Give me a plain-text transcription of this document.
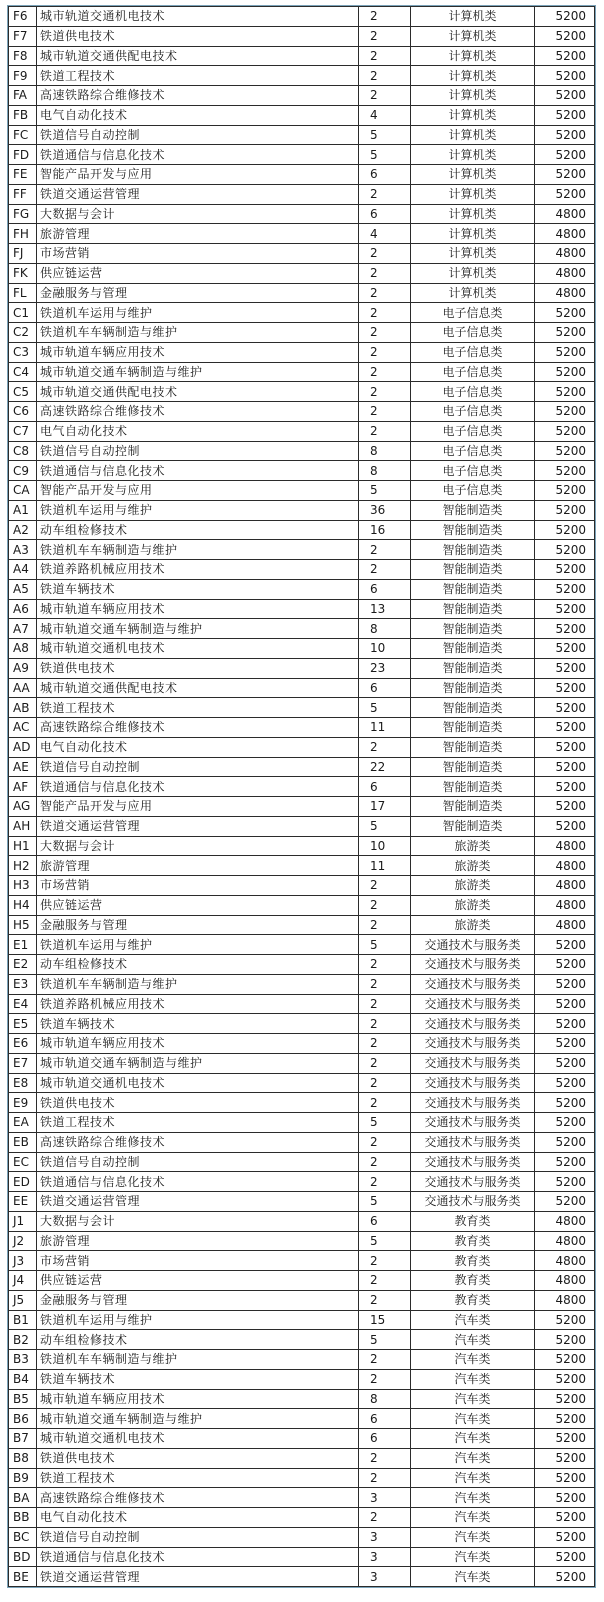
F6	城市轨道交通机电技术	2	计算机类	5200
F7	铁道供电技术	2	计算机类	5200
F8	城市轨道交通供配电技术	2	计算机类	5200
F9	铁道工程技术	2	计算机类	5200
FA	高速铁路综合维修技术	2	计算机类	5200
FB	电气自动化技术	4	计算机类	5200
FC	铁道信号自动控制	5	计算机类	5200
FD	铁道通信与信息化技术	5	计算机类	5200
FE	智能产品开发与应用	6	计算机类	5200
FF	铁道交通运营管理	2	计算机类	5200
FG	大数据与会计	6	计算机类	4800
FH	旅游管理	4	计算机类	4800
FJ	市场营销	2	计算机类	4800
FK	供应链运营	2	计算机类	4800
FL	金融服务与管理	2	计算机类	4800
C1	铁道机车运用与维护	2	电子信息类	5200
C2	铁道机车车辆制造与维护	2	电子信息类	5200
C3	城市轨道车辆应用技术	2	电子信息类	5200
C4	城市轨道交通车辆制造与维护	2	电子信息类	5200
C5	城市轨道交通供配电技术	2	电子信息类	5200
C6	高速铁路综合维修技术	2	电子信息类	5200
C7	电气自动化技术	2	电子信息类	5200
C8	铁道信号自动控制	8	电子信息类	5200
C9	铁道通信与信息化技术	8	电子信息类	5200
CA	智能产品开发与应用	5	电子信息类	5200
A1	铁道机车运用与维护	36	智能制造类	5200
A2	动车组检修技术	16	智能制造类	5200
A3	铁道机车车辆制造与维护	2	智能制造类	5200
A4	铁道养路机械应用技术	2	智能制造类	5200
A5	铁道车辆技术	6	智能制造类	5200
A6	城市轨道车辆应用技术	13	智能制造类	5200
A7	城市轨道交通车辆制造与维护	8	智能制造类	5200
A8	城市轨道交通机电技术	10	智能制造类	5200
A9	铁道供电技术	23	智能制造类	5200
AA	城市轨道交通供配电技术	6	智能制造类	5200
AB	铁道工程技术	5	智能制造类	5200
AC	高速铁路综合维修技术	11	智能制造类	5200
AD	电气自动化技术	2	智能制造类	5200
AE	铁道信号自动控制	22	智能制造类	5200
AF	铁道通信与信息化技术	6	智能制造类	5200
AG	智能产品开发与应用	17	智能制造类	5200
AH	铁道交通运营管理	5	智能制造类	5200
H1	大数据与会计	10	旅游类	4800
H2	旅游管理	11	旅游类	4800
H3	市场营销	2	旅游类	4800
H4	供应链运营	2	旅游类	4800
H5	金融服务与管理	2	旅游类	4800
E1	铁道机车运用与维护	5	交通技术与服务类	5200
E2	动车组检修技术	2	交通技术与服务类	5200
E3	铁道机车车辆制造与维护	2	交通技术与服务类	5200
E4	铁道养路机械应用技术	2	交通技术与服务类	5200
E5	铁道车辆技术	2	交通技术与服务类	5200
E6	城市轨道车辆应用技术	2	交通技术与服务类	5200
E7	城市轨道交通车辆制造与维护	2	交通技术与服务类	5200
E8	城市轨道交通机电技术	2	交通技术与服务类	5200
E9	铁道供电技术	2	交通技术与服务类	5200
EA	铁道工程技术	5	交通技术与服务类	5200
EB	高速铁路综合维修技术	2	交通技术与服务类	5200
EC	铁道信号自动控制	2	交通技术与服务类	5200
ED	铁道通信与信息化技术	2	交通技术与服务类	5200
EE	铁道交通运营管理	5	交通技术与服务类	5200
J1	大数据与会计	6	教育类	4800
J2	旅游管理	5	教育类	4800
J3	市场营销	2	教育类	4800
J4	供应链运营	2	教育类	4800
J5	金融服务与管理	2	教育类	4800
B1	铁道机车运用与维护	15	汽车类	5200
B2	动车组检修技术	5	汽车类	5200
B3	铁道机车车辆制造与维护	2	汽车类	5200
B4	铁道车辆技术	2	汽车类	5200
B5	城市轨道车辆应用技术	8	汽车类	5200
B6	城市轨道交通车辆制造与维护	6	汽车类	5200
B7	城市轨道交通机电技术	6	汽车类	5200
B8	铁道供电技术	2	汽车类	5200
B9	铁道工程技术	2	汽车类	5200
BA	高速铁路综合维修技术	3	汽车类	5200
BB	电气自动化技术	2	汽车类	5200
BC	铁道信号自动控制	3	汽车类	5200
BD	铁道通信与信息化技术	3	汽车类	5200
BE	铁道交通运营管理	3	汽车类	5200
